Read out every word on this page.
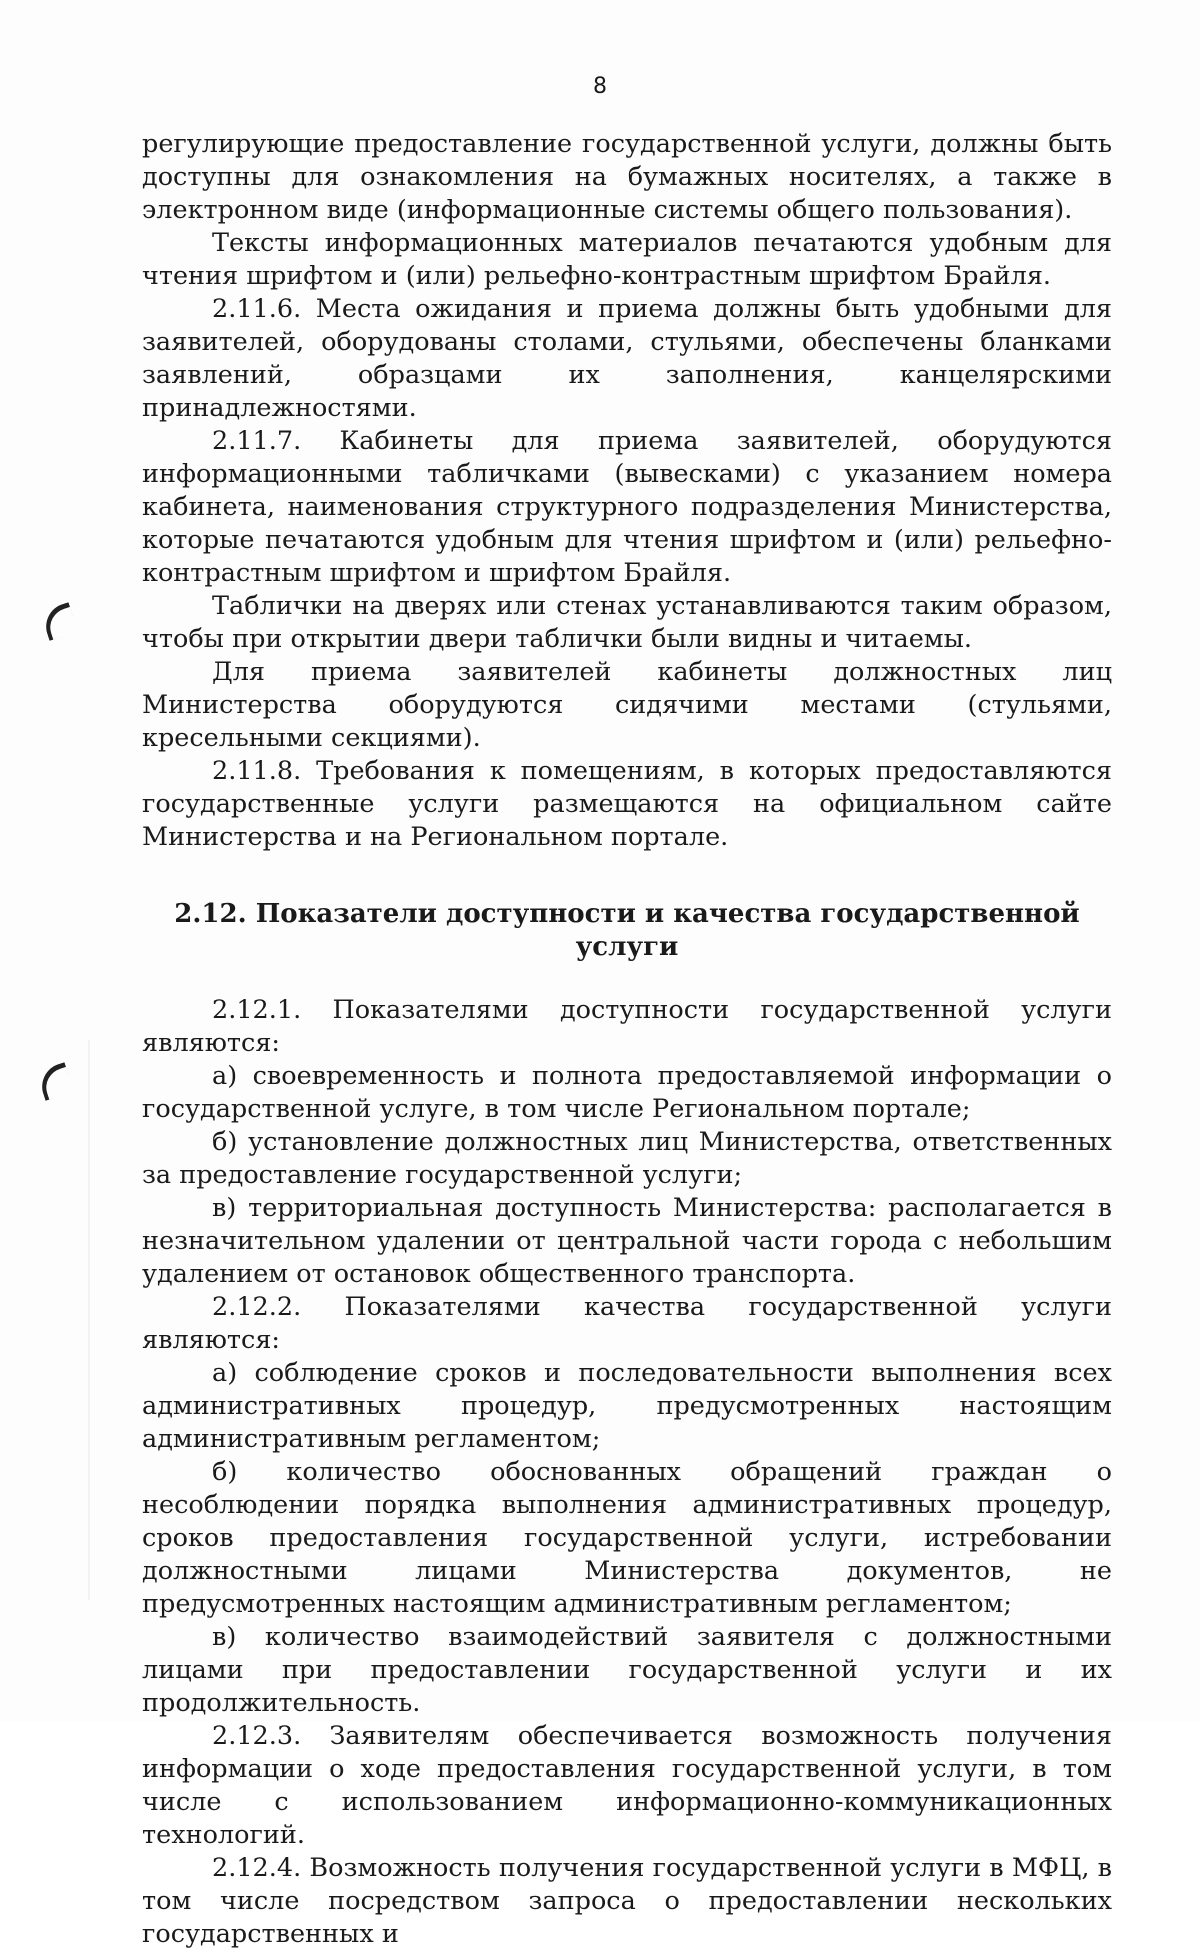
8

регулирующие предоставление государственной услуги, должны быть доступны для ознакомления на бумажных носителях, а также в электронном виде (информационные системы общего пользования).

Тексты информационных материалов печатаются удобным для чтения шрифтом и (или) рельефно-контрастным шрифтом Брайля.

2.11.6. Места ожидания и приема должны быть удобными для заявителей, оборудованы столами, стульями, обеспечены бланками заявлений, образцами их заполнения, канцелярскими принадлежностями.

2.11.7. Кабинеты для приема заявителей, оборудуются информационными табличками (вывесками) с указанием номера кабинета, наименования структурного подразделения Министерства, которые печатаются удобным для чтения шрифтом и (или) рельефно-контрастным шрифтом и шрифтом Брайля.

Таблички на дверях или стенах устанавливаются таким образом, чтобы при открытии двери таблички были видны и читаемы.

Для приема заявителей кабинеты должностных лиц Министерства оборудуются сидячими местами (стульями, кресельными секциями).

2.11.8. Требования к помещениям, в которых предоставляются государственные услуги размещаются на официальном сайте Министерства и на Региональном портале.

2.12. Показатели доступности и качества государственной услуги

2.12.1. Показателями доступности государственной услуги являются:

а) своевременность и полнота предоставляемой информации о государственной услуге, в том числе Региональном портале;

б) установление должностных лиц Министерства, ответственных за предоставление государственной услуги;

в) территориальная доступность Министерства: располагается в незначительном удалении от центральной части города с небольшим удалением от остановок общественного транспорта.

2.12.2. Показателями качества государственной услуги являются:

а) соблюдение сроков и последовательности выполнения всех административных процедур, предусмотренных настоящим административным регламентом;

б) количество обоснованных обращений граждан о несоблюдении порядка выполнения административных процедур, сроков предоставления государственной услуги, истребовании должностными лицами Министерства документов, не предусмотренных настоящим административным регламентом;

в) количество взаимодействий заявителя с должностными лицами при предоставлении государственной услуги и их продолжительность.

2.12.3. Заявителям обеспечивается возможность получения информации о ходе предоставления государственной услуги, в том числе с использованием информационно-коммуникационных технологий.

2.12.4. Возможность получения государственной услуги в МФЦ, в том числе посредством запроса о предоставлении нескольких государственных и
